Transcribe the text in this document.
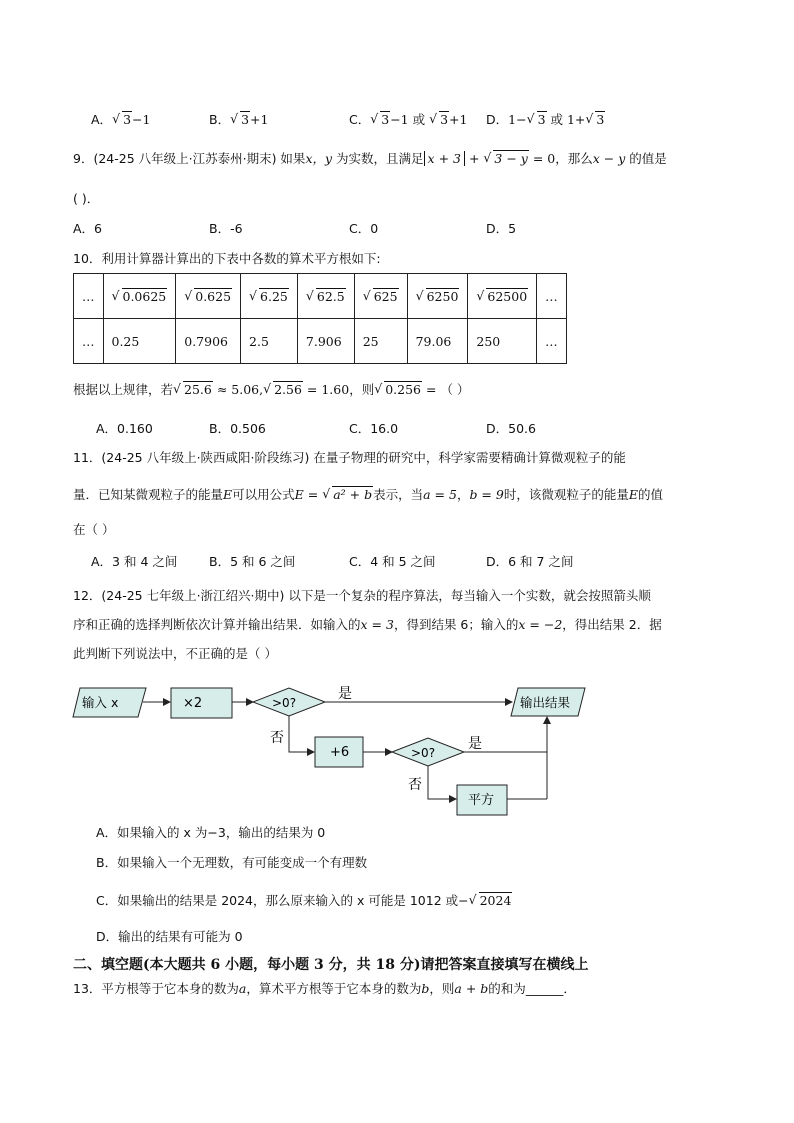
A． √ 3−1	B． √ 3+1	C． √ 3−1 或 √ 3+1 D．1− √ 3 或 1+ √ 3
9．(24-25 八年级上·江苏泰州·期末) 如果x，y 为实数，且满足 x + 3 + √ 3 − y = 0，那么x − y 的值是
( )．
A．6	B．-6	C．0	D．5
10．利用计算器计算出的下表中各数的算术平方根如下:
…	√ 0.0625	√ 0.625	√ 6.25	√ 62.5	√ 625	√ 6250	√ 62500	…
…	0.25	0.7906	2.5	7.906	25	79.06	250	…
根据以上规律，若 √ 25.6 ≈ 5.06, √ 2.56 = 1.60，则 √ 0.256 = （ ）
A．0.160	B．0.506	C．16.0	D．50.6
11．(24-25 八年级上·陕西咸阳·阶段练习) 在量子物理的研究中，科学家需要精确计算微观粒子的能
量．已知某微观粒子的能量E可以用公式E = √ a² + b表示，当a = 5，b = 9时，该微观粒子的能量E的值
在（ ）
A．3 和 4 之间	B．5 和 6 之间	C．4 和 5 之间	D．6 和 7 之间
12．(24-25 七年级上·浙江绍兴·期中) 以下是一个复杂的程序算法，每当输入一个实数，就会按照箭头顺
序和正确的选择判断依次计算并输出结果．如输入的x = 3，得到结果 6；输入的x = −2，得出结果 2．据
此判断下列说法中，不正确的是（ ）
输入 x	×2	>0?
是
输出结果
否
+6	>0?
是
否
平方
A．如果输入的 x 为−3，输出的结果为 0
B．如果输入一个无理数，有可能变成一个有理数
C．如果输出的结果是 2024，那么原来输入的 x 可能是 1012 或− √ 2024
D．输出的结果有可能为 0
二、填空题(本大题共 6 小题，每小题 3 分，共 18 分)请把答案直接填写在横线上
13．平方根等于它本身的数为a，算术平方根等于它本身的数为b，则a + b的和为______．
